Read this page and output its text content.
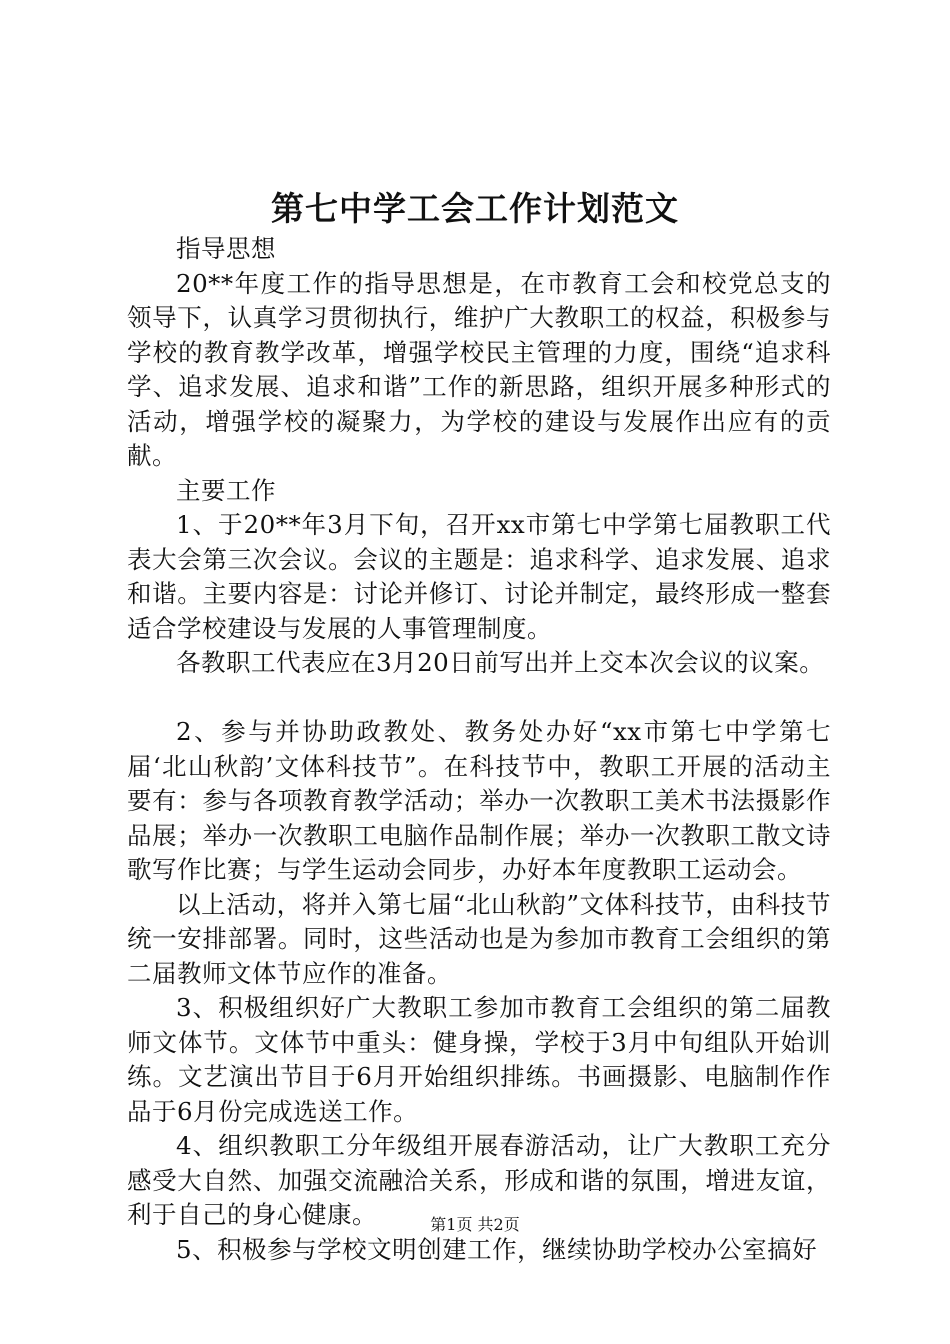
第七中学工会工作计划范文

指导思想

20**年度工作的指导思想是，在市教育工会和校党总支的领导下，认真学习贯彻执行，维护广大教职工的权益，积极参与学校的教育教学改革，增强学校民主管理的力度，围绕“追求科学、追求发展、追求和谐”工作的新思路，组织开展多种形式的活动，增强学校的凝聚力，为学校的建设与发展作出应有的贡献。

主要工作

1、于20**年3月下旬，召开xx市第七中学第七届教职工代表大会第三次会议。会议的主题是：追求科学、追求发展、追求和谐。主要内容是：讨论并修订、讨论并制定，最终形成一整套适合学校建设与发展的人事管理制度。

各教职工代表应在3月20日前写出并上交本次会议的议案。

2、参与并协助政教处、教务处办好“xx市第七中学第七届‘北山秋韵’文体科技节”。在科技节中，教职工开展的活动主要有：参与各项教育教学活动；举办一次教职工美术书法摄影作品展；举办一次教职工电脑作品制作展；举办一次教职工散文诗歌写作比赛；与学生运动会同步，办好本年度教职工运动会。

以上活动，将并入第七届“北山秋韵”文体科技节，由科技节统一安排部署。同时，这些活动也是为参加市教育工会组织的第二届教师文体节应作的准备。

3、积极组织好广大教职工参加市教育工会组织的第二届教师文体节。文体节中重头：健身操，学校于3月中旬组队开始训练。文艺演出节目于6月开始组织排练。书画摄影、电脑制作作品于6月份完成选送工作。

4、组织教职工分年级组开展春游活动，让广大教职工充分感受大自然、加强交流融洽关系，形成和谐的氛围，增进友谊，利于自己的身心健康。

5、积极参与学校文明创建工作，继续协助学校办公室搞好

第1页 共2页
